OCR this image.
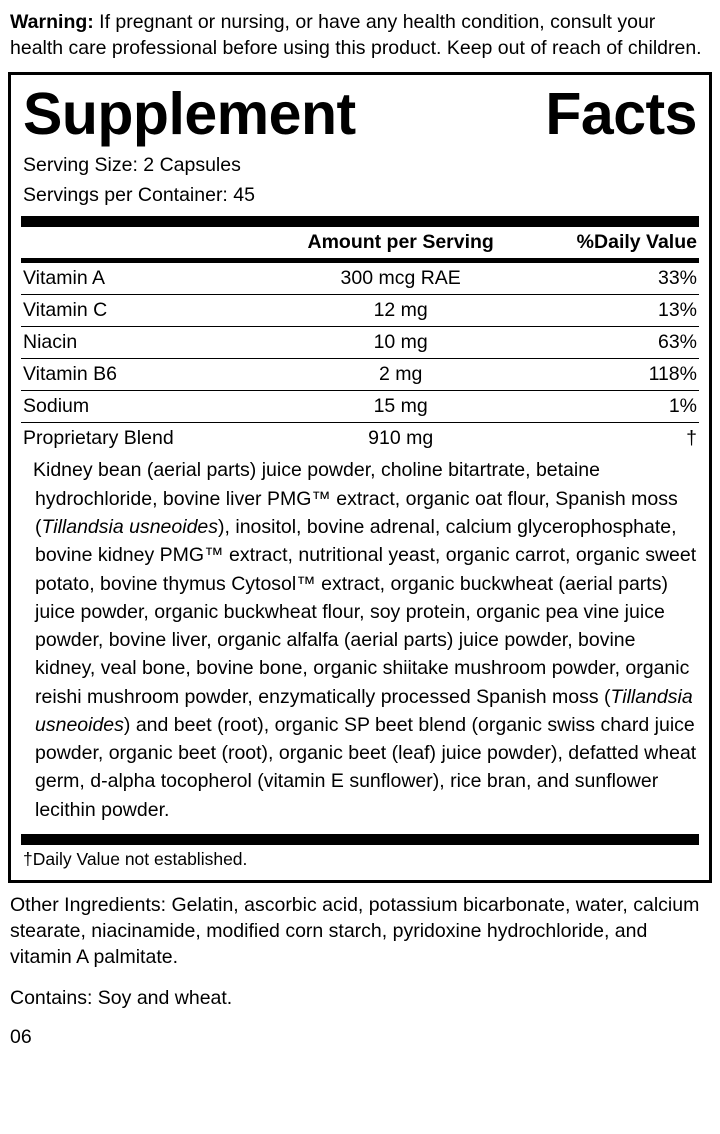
Warning: If pregnant or nursing, or have any health condition, consult your health care professional before using this product. Keep out of reach of children.

Supplement	Facts
Serving Size: 2 Capsules
Servings per Container: 45
	Amount per Serving	%Daily Value
Vitamin A	300 mcg RAE	33%
Vitamin C	12 mg	13%
Niacin	10 mg	63%
Vitamin B6	2 mg	118%
Sodium	15 mg	1%
Proprietary Blend	910 mg	†
Kidney bean (aerial parts) juice powder, choline bitartrate, betaine hydrochloride, bovine liver PMG™ extract, organic oat flour, Spanish moss (Tillandsia usneoides), inositol, bovine adrenal, calcium glycerophosphate, bovine kidney PMG™ extract, nutritional yeast, organic carrot, organic sweet potato, bovine thymus Cytosol™ extract, organic buckwheat (aerial parts) juice powder, organic buckwheat flour, soy protein, organic pea vine juice powder, bovine liver, organic alfalfa (aerial parts) juice powder, bovine kidney, veal bone, bovine bone, organic shiitake mushroom powder, organic reishi mushroom powder, enzymatically processed Spanish moss (Tillandsia usneoides) and beet (root), organic SP beet blend (organic swiss chard juice powder, organic beet (root), organic beet (leaf) juice powder), defatted wheat germ, d-alpha tocopherol (vitamin E sunflower), rice bran, and sunflower lecithin powder.
†Daily Value not established.

Other Ingredients: Gelatin, ascorbic acid, potassium bicarbonate, water, calcium stearate, niacinamide, modified corn starch, pyridoxine hydrochloride, and vitamin A palmitate.

Contains: Soy and wheat.

06
